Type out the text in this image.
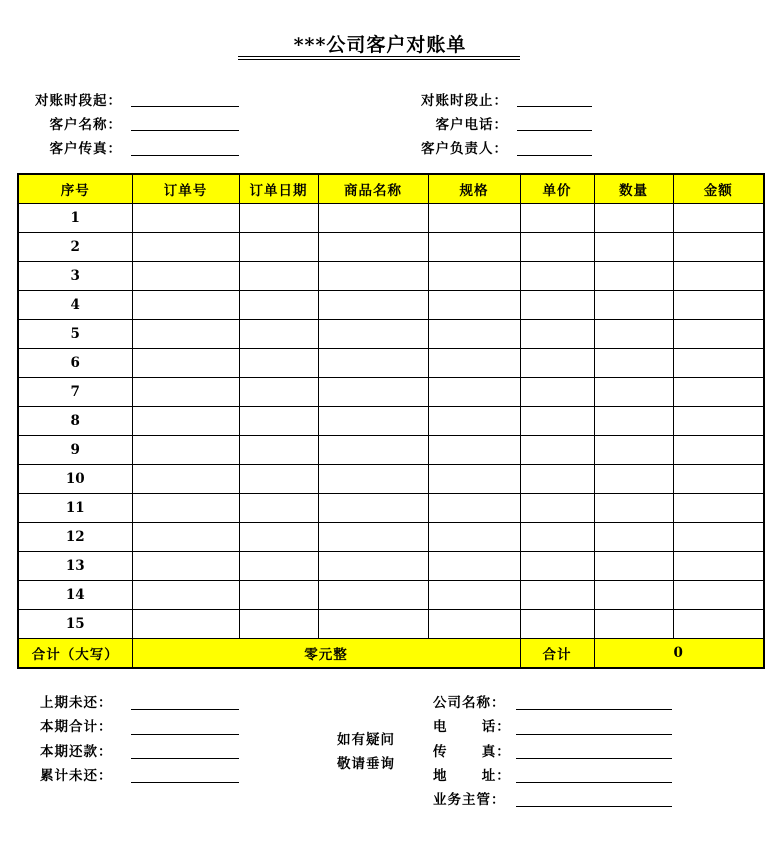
***公司客户对账单
对账时段起：
客户名称：
客户传真：
对账时段止：
客户电话：
客户负责人：
序号	订单号	订单日期	商品名称	规格	单价	数量	金额
1							
2							
3							
4							
5							
6							
7							
8							
9							
10							
11							
12							
13							
14							
15							
合计（大写）	零元整				合计	0	
上期未还：
本期合计：
本期还款：
累计未还：
如有疑问
敬请垂询
公司名称：
电      话：
传      真：
地      址：
业务主管：
